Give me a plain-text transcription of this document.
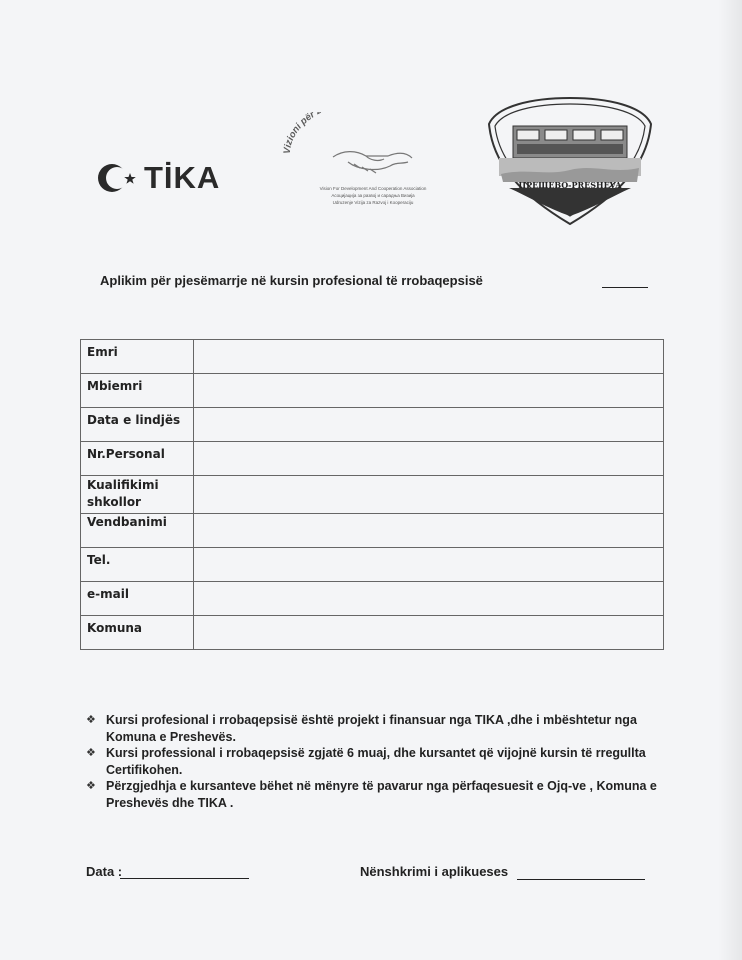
TİKA
Vizioni për
Vision For Development And Cooperation Association
Асоцијација за развој и сарадња Визија
Udruzenje Vizija za Razvoj i Kooperaciju
ПРЕШЕВО-PRESHEVA
Aplikim për pjesëmarrje në kursin profesional të rrobaqepsisë
Emri	
Mbiemri	
Data e lindjës	
Nr.Personal	
Kualifikimi shkollor	
Vendbanimi	
Tel.	
e-mail	
Komuna	
❖ Kursi profesional i rrobaqepsisë është projekt i finansuar nga TIKA ,dhe i mbështetur nga Komuna e Preshevës.
❖ Kursi professional i rrobaqepsisë zgjatë 6 muaj, dhe kursantet që vijojnë kursin të rregullta Certifikohen.
❖ Përzgjedhja e kursanteve bëhet në mënyre të pavarur nga përfaqesuesit e Ojq-ve , Komuna e Preshevës dhe TIKA .
Data :	Nënshkrimi i aplikueses
